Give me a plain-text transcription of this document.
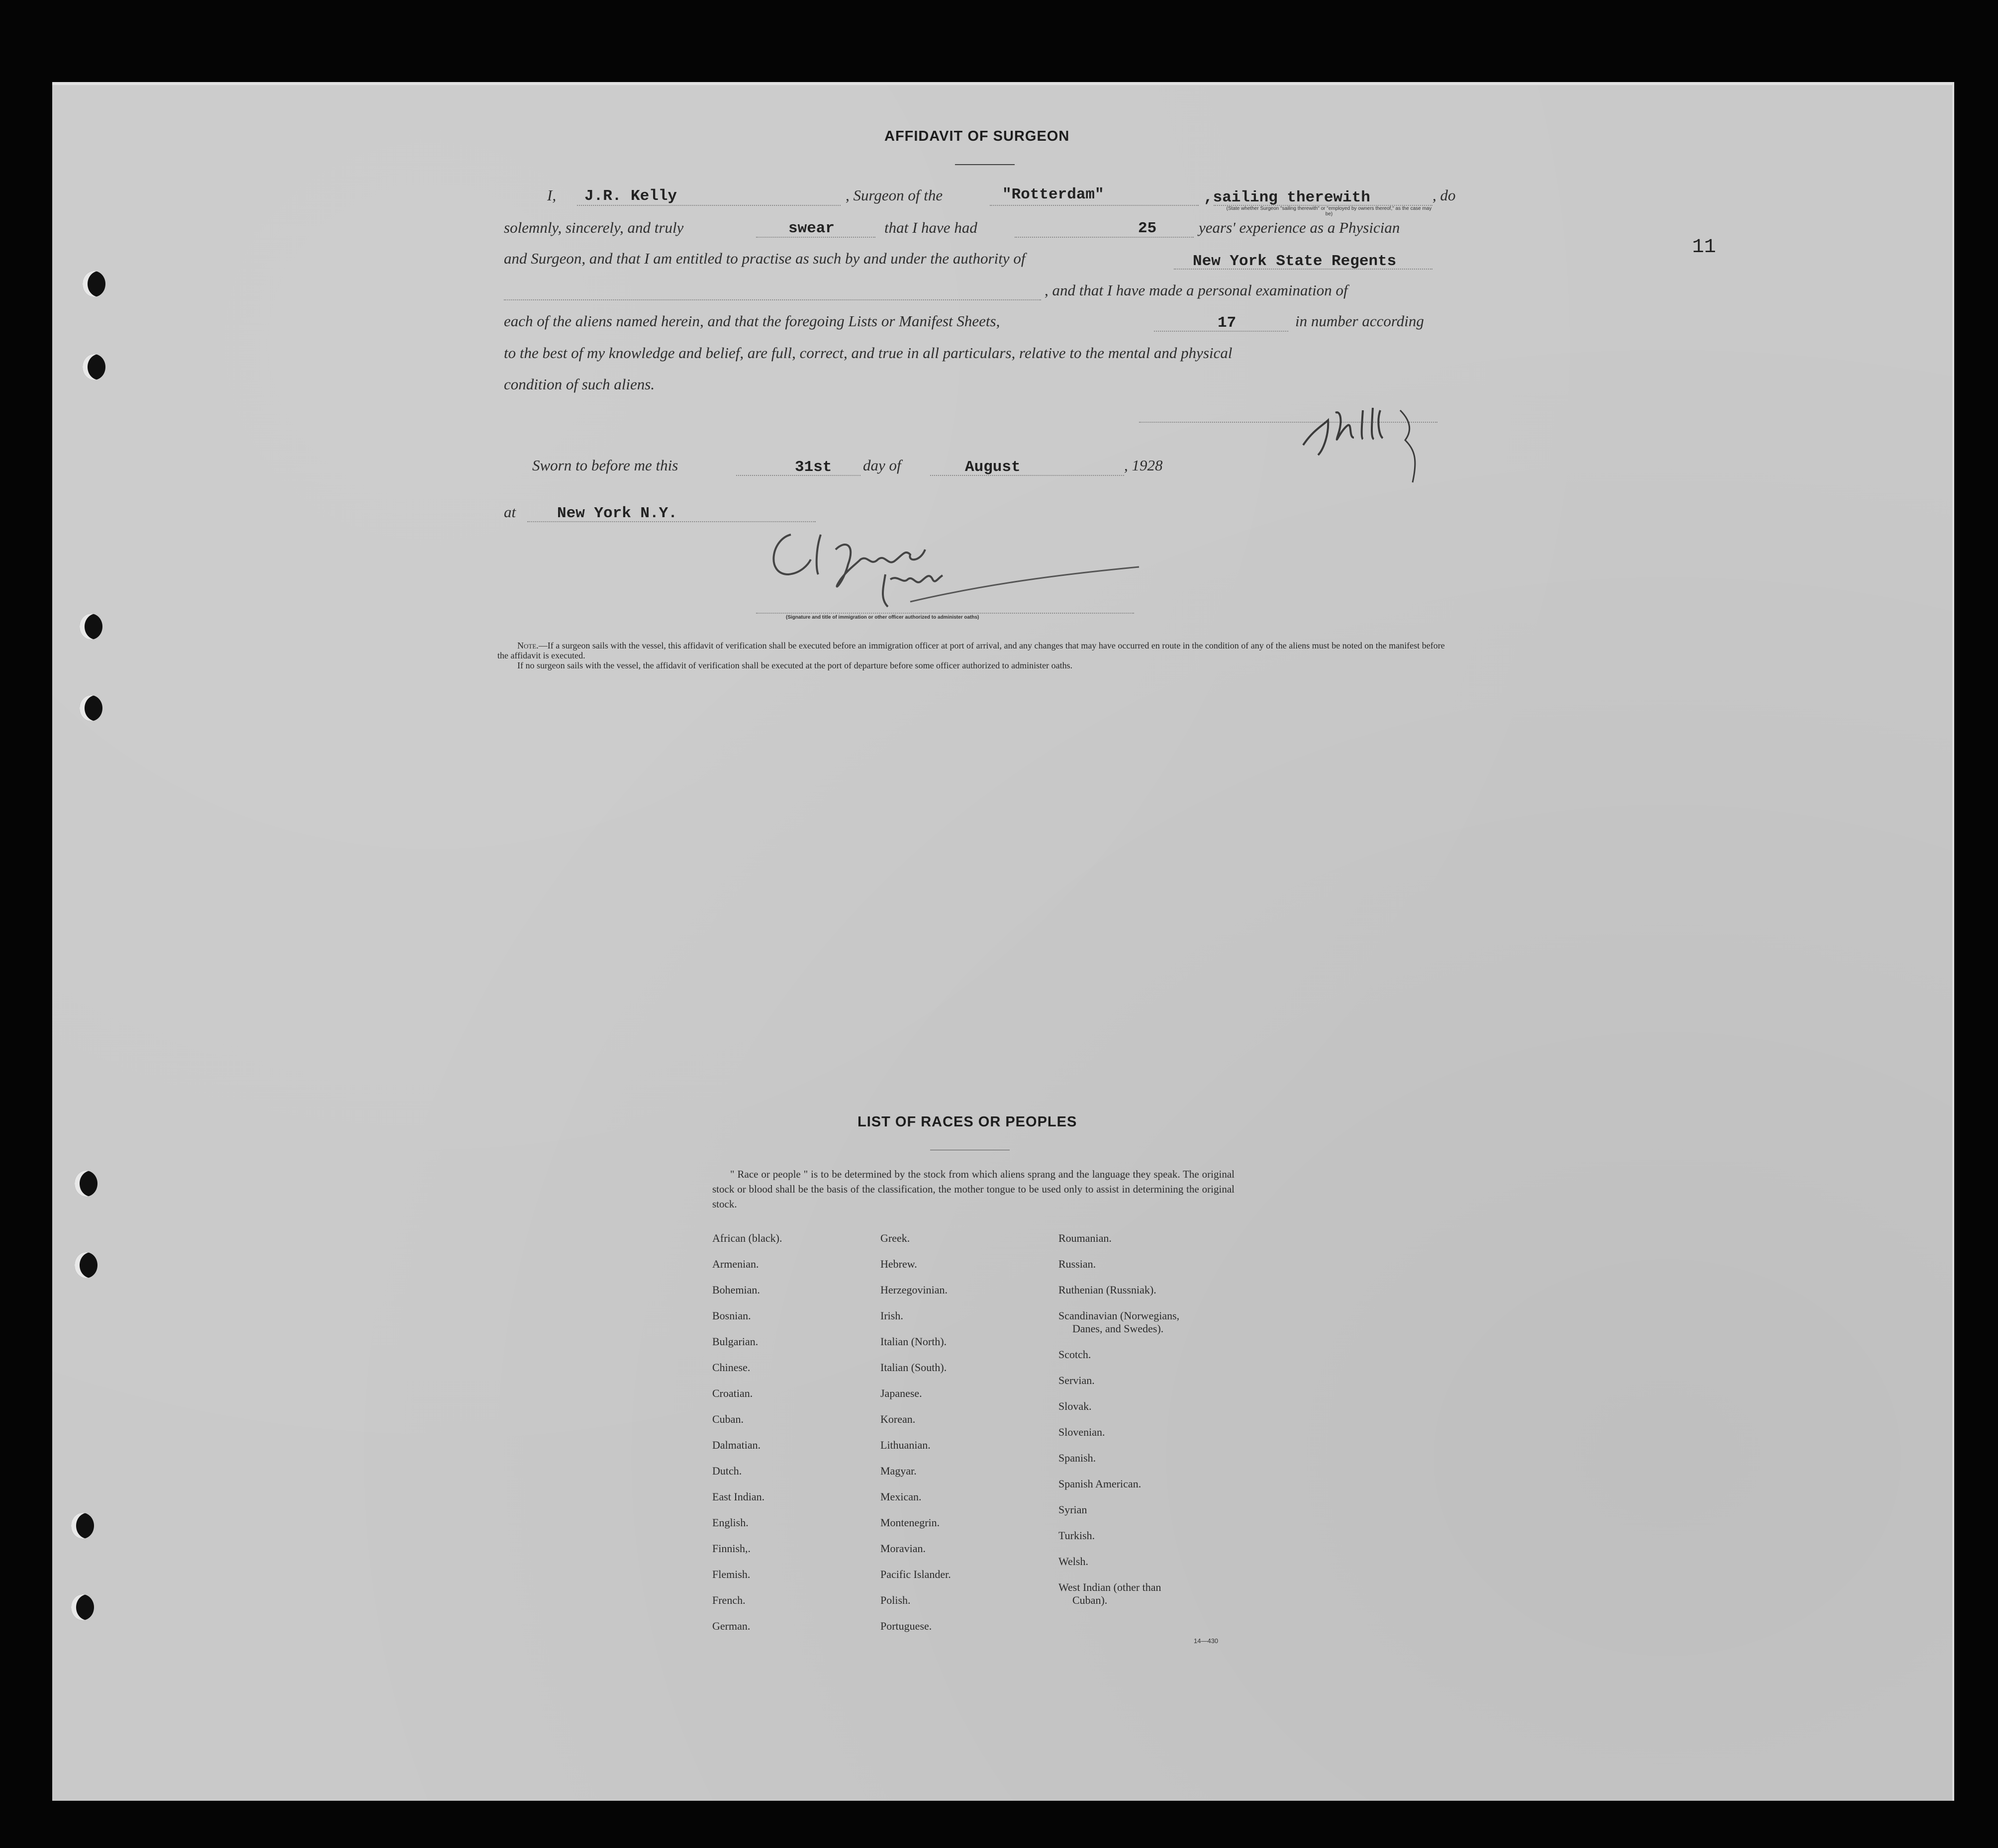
AFFIDAVIT OF SURGEON
11
I, J.R. Kelly	, Surgeon of the	"Rotterdam"	,sailing therewith
(State whether Surgeon "sailing therewith" or "employed by owners thereof," as the case may be)
, do
solemnly, sincerely, and truly	swear	that I have had	25	years' experience as a Physician
and Surgeon, and that I am entitled to practise as such by and under the authority of	New York State Regents
, and that I have made a personal examination of
each of the aliens named herein, and that the foregoing Lists or Manifest Sheets,	17	in number according
to the best of my knowledge and belief, are full, correct, and true in all particulars, relative to the mental and physical
condition of such aliens.
Sworn to before me this	31st day of	August	, 1928
at	New York N.Y.
(Signature and title of immigration or other officer authorized to administer oaths)
Note.—If a surgeon sails with the vessel, this affidavit of verification shall be executed before an immigration officer at port of arrival, and any changes that may have occurred en route in the condition of any of the aliens must be noted on the manifest before the affidavit is executed.
If no surgeon sails with the vessel, the affidavit of verification shall be executed at the port of departure before some officer authorized to administer oaths.
LIST OF RACES OR PEOPLES
" Race or people " is to be determined by the stock from which aliens sprang and the language they speak. The original stock or blood shall be the basis of the classification, the mother tongue to be used only to assist in determining the original stock.
African (black).
Armenian.
Bohemian.
Bosnian.
Bulgarian.
Chinese.
Croatian.
Cuban.
Dalmatian.
Dutch.
East Indian.
English.
Finnish,.
Flemish.
French.
German.
Greek.
Hebrew.
Herzegovinian.
Irish.
Italian (North).
Italian (South).
Japanese.
Korean.
Lithuanian.
Magyar.
Mexican.
Montenegrin.
Moravian.
Pacific Islander.
Polish.
Portuguese.
Roumanian.
Russian.
Ruthenian (Russniak).
Scandinavian (Norwegians,
Danes, and Swedes).
Scotch.
Servian.
Slovak.
Slovenian.
Spanish.
Spanish American.
Syrian
Turkish.
Welsh.
West Indian (other than
Cuban).
14—430
